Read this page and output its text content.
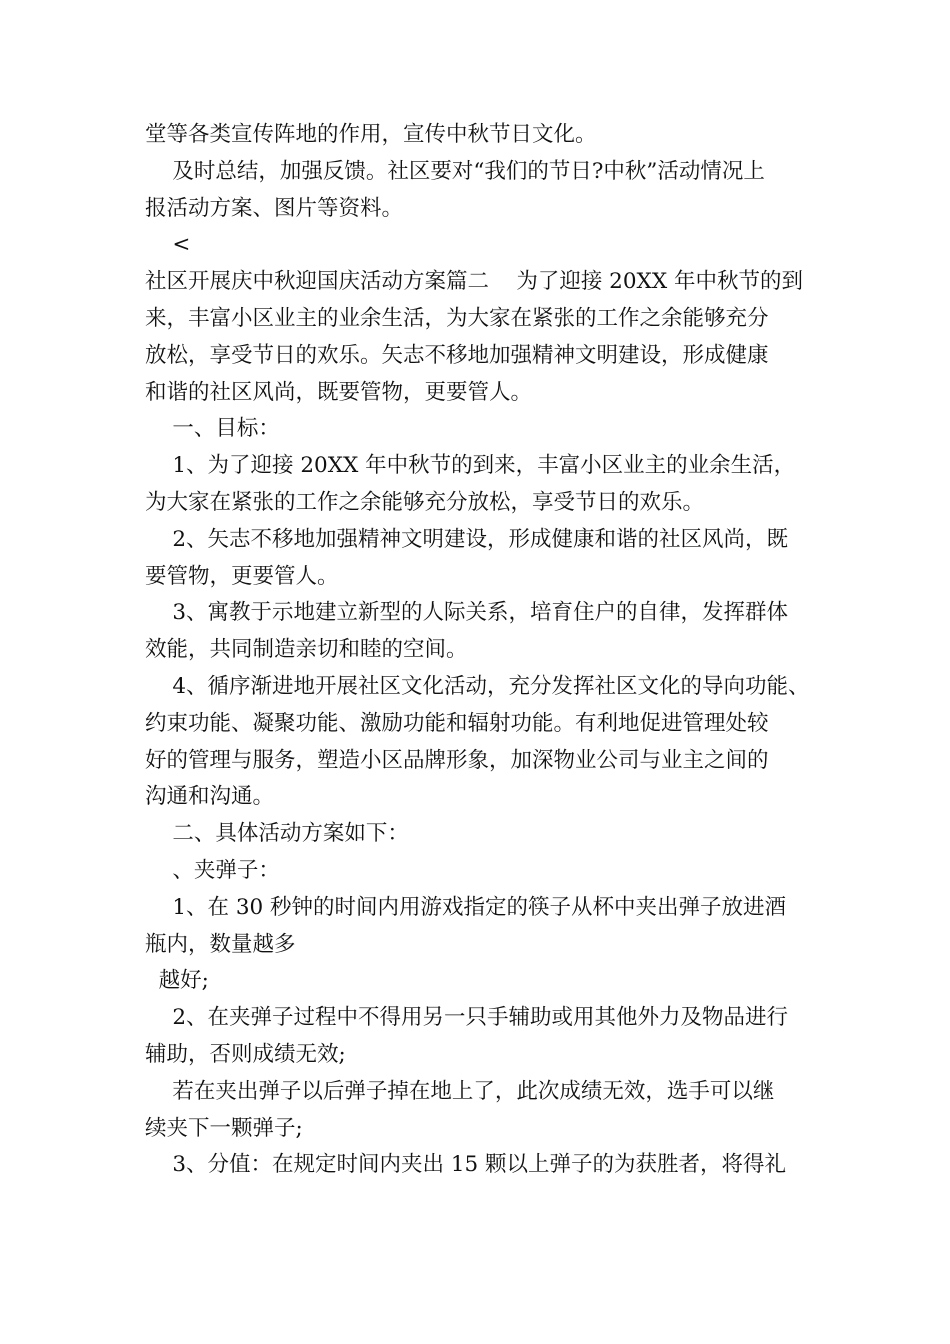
堂等各类宣传阵地的作用，宣传中秋节日文化。
及时总结，加强反馈。社区要对“我们的节日?中秋”活动情况上
报活动方案、图片等资料。
<
社区开展庆中秋迎国庆活动方案篇二    为了迎接 20XX 年中秋节的到
来，丰富小区业主的业余生活，为大家在紧张的工作之余能够充分
放松，享受节日的欢乐。矢志不移地加强精神文明建设，形成健康
和谐的社区风尚，既要管物，更要管人。
一、目标：
1、为了迎接 20XX 年中秋节的到来，丰富小区业主的业余生活，
为大家在紧张的工作之余能够充分放松，享受节日的欢乐。
2、矢志不移地加强精神文明建设，形成健康和谐的社区风尚，既
要管物，更要管人。
3、寓教于示地建立新型的人际关系，培育住户的自律，发挥群体
效能，共同制造亲切和睦的空间。
4、循序渐进地开展社区文化活动，充分发挥社区文化的导向功能、
约束功能、凝聚功能、激励功能和辐射功能。有利地促进管理处较
好的管理与服务，塑造小区品牌形象，加深物业公司与业主之间的
沟通和沟通。
二、具体活动方案如下：
、夹弹子：
1、在 30 秒钟的时间内用游戏指定的筷子从杯中夹出弹子放进酒
瓶内，数量越多
越好;
2、在夹弹子过程中不得用另一只手辅助或用其他外力及物品进行
辅助，否则成绩无效;
若在夹出弹子以后弹子掉在地上了，此次成绩无效，选手可以继
续夹下一颗弹子;
3、分值：在规定时间内夹出 15 颗以上弹子的为获胜者，将得礼
